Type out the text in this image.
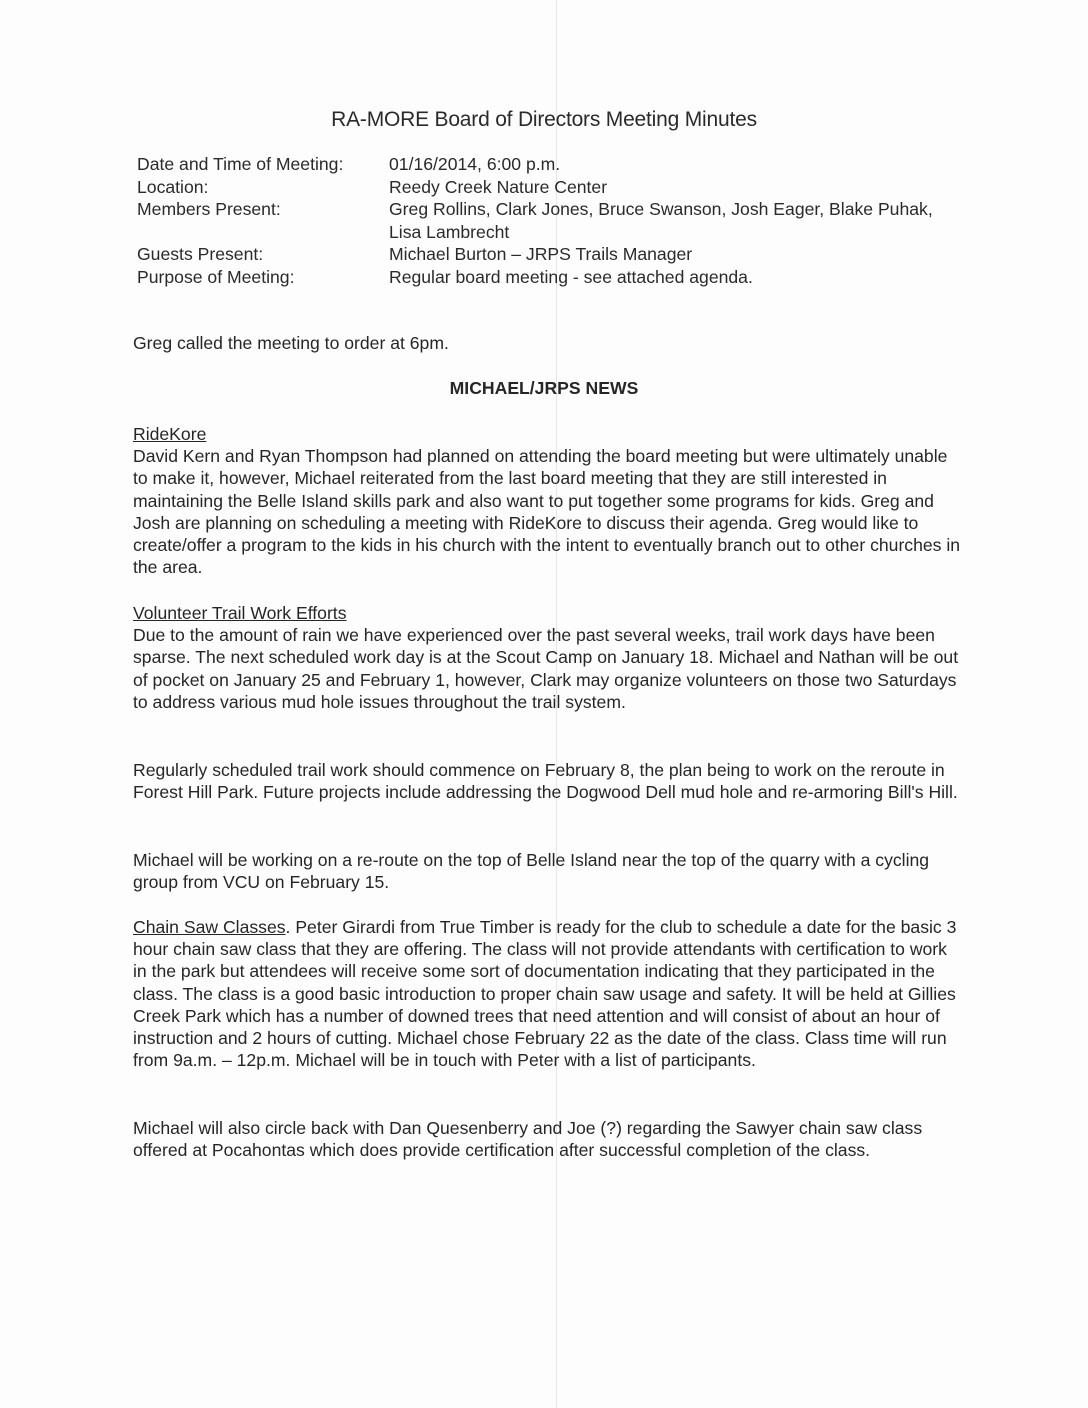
RA-MORE Board of Directors Meeting Minutes
Date and Time of Meeting:	01/16/2014, 6:00 p.m.
Location:	Reedy Creek Nature Center
Members Present:	Greg Rollins, Clark Jones, Bruce Swanson, Josh Eager, Blake Puhak, Lisa Lambrecht
Guests Present:	Michael Burton – JRPS Trails Manager
Purpose of Meeting:	Regular board meeting - see attached agenda.

Greg called the meeting to order at 6pm.

MICHAEL/JRPS NEWS

RideKore

David Kern and Ryan Thompson had planned on attending the board meeting but were ultimately unable to make it, however, Michael reiterated from the last board meeting that they are still interested in maintaining the Belle Island skills park and also want to put together some programs for kids. Greg and Josh are planning on scheduling a meeting with RideKore to discuss their agenda. Greg would like to create/offer a program to the kids in his church with the intent to eventually branch out to other churches in the area.

Volunteer Trail Work Efforts

Due to the amount of rain we have experienced over the past several weeks, trail work days have been sparse. The next scheduled work day is at the Scout Camp on January 18. Michael and Nathan will be out of pocket on January 25 and February 1, however, Clark may organize volunteers on those two Saturdays to address various mud hole issues throughout the trail system.

Regularly scheduled trail work should commence on February 8, the plan being to work on the reroute in Forest Hill Park. Future projects include addressing the Dogwood Dell mud hole and re-armoring Bill's Hill.

Michael will be working on a re-route on the top of Belle Island near the top of the quarry with a cycling group from VCU on February 15.

Chain Saw Classes. Peter Girardi from True Timber is ready for the club to schedule a date for the basic 3 hour chain saw class that they are offering. The class will not provide attendants with certification to work in the park but attendees will receive some sort of documentation indicating that they participated in the class. The class is a good basic introduction to proper chain saw usage and safety. It will be held at Gillies Creek Park which has a number of downed trees that need attention and will consist of about an hour of instruction and 2 hours of cutting. Michael chose February 22 as the date of the class. Class time will run from 9a.m. – 12p.m. Michael will be in touch with Peter with a list of participants.

Michael will also circle back with Dan Quesenberry and Joe (?) regarding the Sawyer chain saw class offered at Pocahontas which does provide certification after successful completion of the class.
